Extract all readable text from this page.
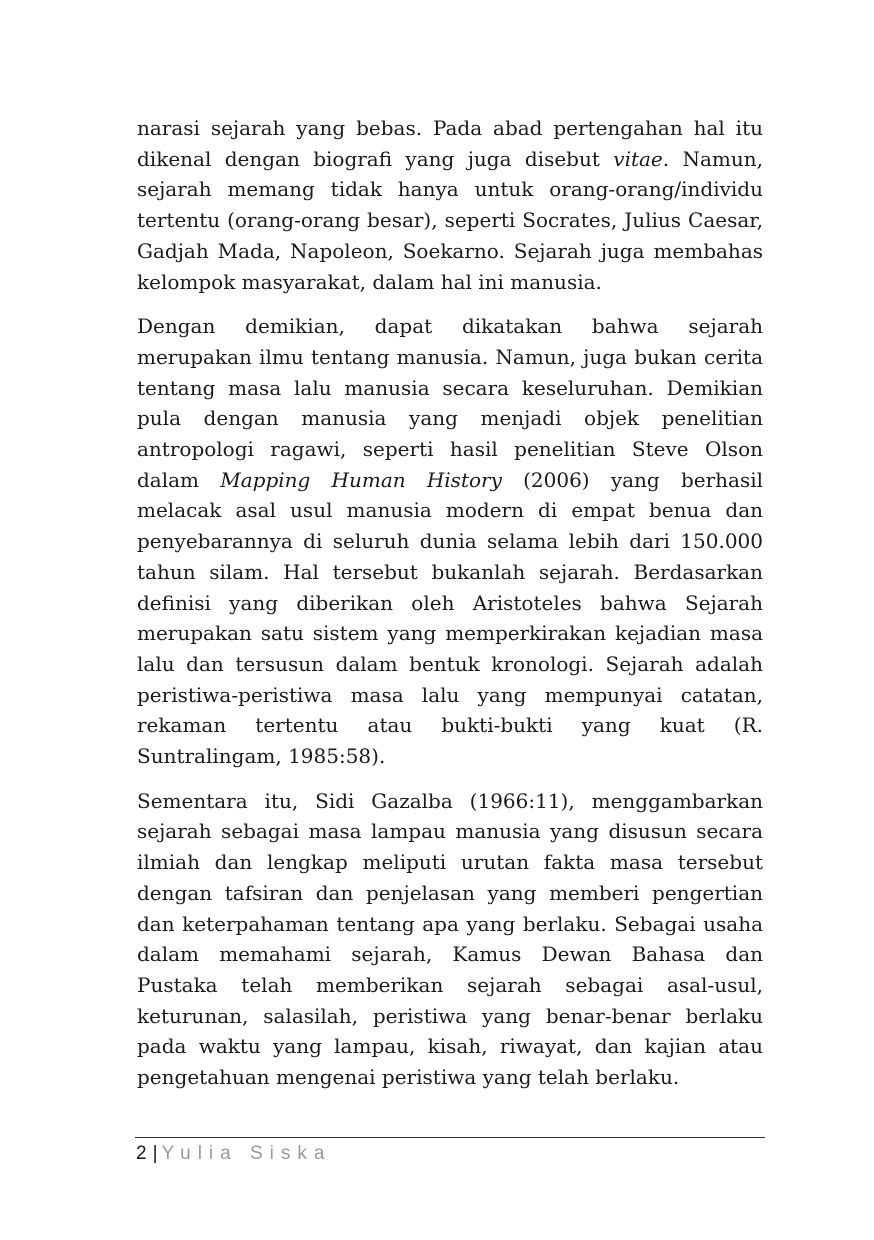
narasi sejarah yang bebas. Pada abad pertengahan hal itu dikenal dengan biografi yang juga disebut vitae. Namun, sejarah memang tidak hanya untuk orang-orang/individu tertentu (orang-orang besar), seperti Socrates, Julius Caesar, Gadjah Mada, Napoleon, Soekarno. Sejarah juga membahas kelompok masyarakat, dalam hal ini manusia.

Dengan demikian, dapat dikatakan bahwa sejarah merupakan ilmu tentang manusia. Namun, juga bukan cerita tentang masa lalu manusia secara keseluruhan. Demikian pula dengan manusia yang menjadi objek penelitian antropologi ragawi, seperti hasil penelitian Steve Olson dalam Mapping Human History (2006) yang berhasil melacak asal usul manusia modern di empat benua dan penyebarannya di seluruh dunia selama lebih dari 150.000 tahun silam. Hal tersebut bukanlah sejarah. Berdasarkan definisi yang diberikan oleh Aristoteles bahwa Sejarah merupakan satu sistem yang memperkirakan kejadian masa lalu dan tersusun dalam bentuk kronologi. Sejarah adalah peristiwa-peristiwa masa lalu yang mempunyai catatan, rekaman tertentu atau bukti-bukti yang kuat (R. Suntralingam, 1985:58).

Sementara itu, Sidi Gazalba (1966:11), menggambarkan sejarah sebagai masa lampau manusia yang disusun secara ilmiah dan lengkap meliputi urutan fakta masa tersebut dengan tafsiran dan penjelasan yang memberi pengertian dan keterpahaman tentang apa yang berlaku. Sebagai usaha dalam memahami sejarah, Kamus Dewan Bahasa dan Pustaka telah memberikan sejarah sebagai asal-usul, keturunan, salasilah, peristiwa yang benar-benar berlaku pada waktu yang lampau, kisah, riwayat, dan kajian atau pengetahuan mengenai peristiwa yang telah berlaku.

2 | Yulia Siska
